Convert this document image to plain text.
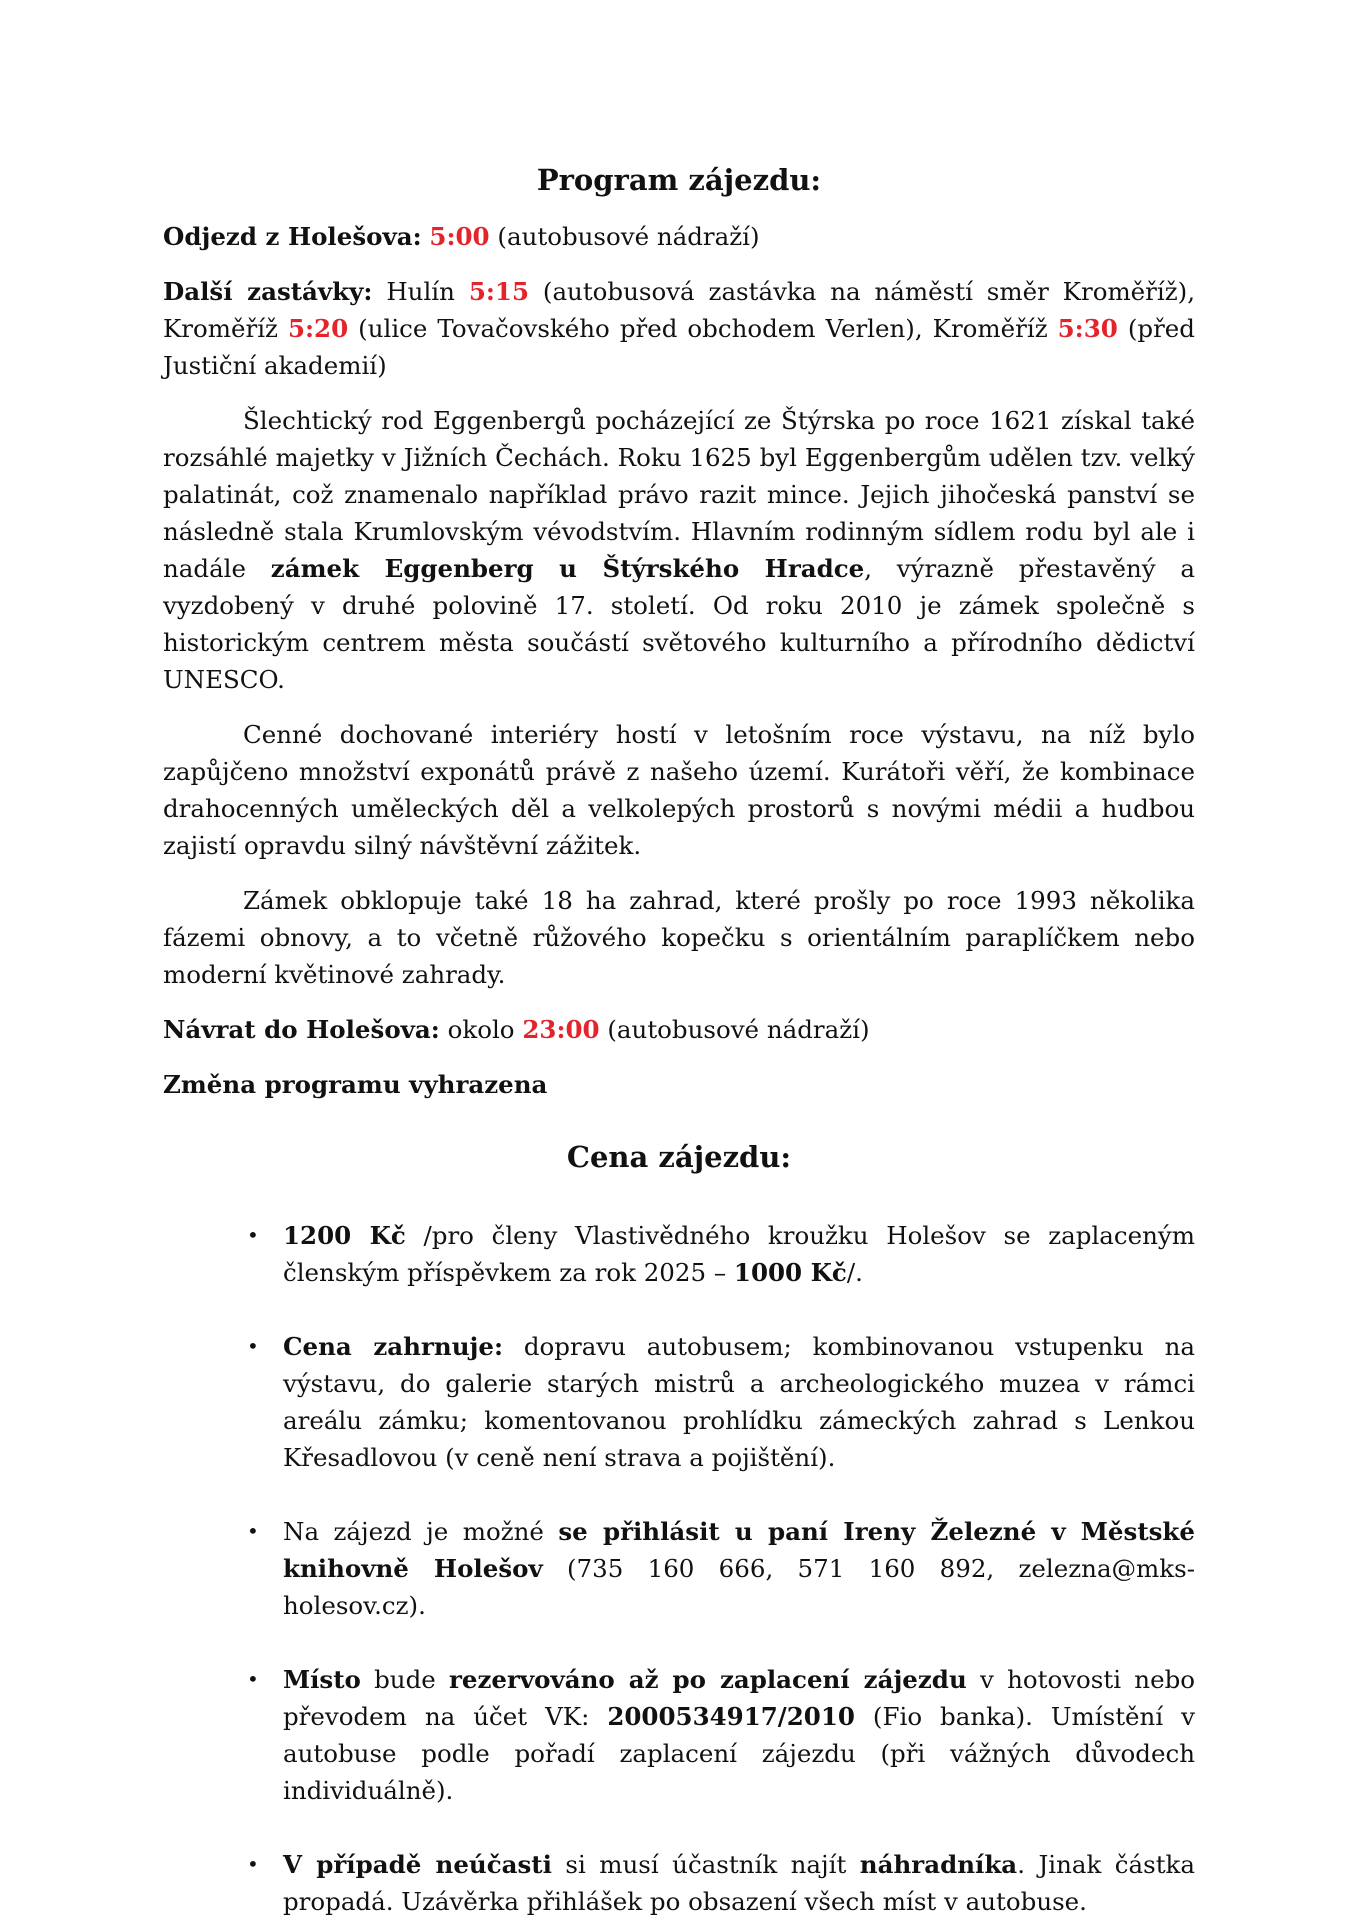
Program zájezdu:

Odjezd z Holešova: 5:00 (autobusové nádraží)

Další zastávky: Hulín 5:15 (autobusová zastávka na náměstí směr Kroměříž), Kroměříž 5:20 (ulice Tovačovského před obchodem Verlen), Kroměříž 5:30 (před Justiční akademií)

Šlechtický rod Eggenbergů pocházející ze Štýrska po roce 1621 získal také rozsáhlé majetky v Jižních Čechách. Roku 1625 byl Eggenbergům udělen tzv. velký palatinát, což znamenalo například právo razit mince. Jejich jihočeská panství se následně stala Krumlovským vévodstvím. Hlavním rodinným sídlem rodu byl ale i nadále zámek Eggenberg u Štýrského Hradce, výrazně přestavěný a vyzdobený v druhé polovině 17. století. Od roku 2010 je zámek společně s historickým centrem města součástí světového kulturního a přírodního dědictví UNESCO.

Cenné dochované interiéry hostí v letošním roce výstavu, na níž bylo zapůjčeno množství exponátů právě z našeho území. Kurátoři věří, že kombinace drahocenných uměleckých děl a velkolepých prostorů s novými médii a hudbou zajistí opravdu silný návštěvní zážitek.

Zámek obklopuje také 18 ha zahrad, které prošly po roce 1993 několika fázemi obnovy, a to včetně růžového kopečku s orientálním paraplíčkem nebo moderní květinové zahrady.

Návrat do Holešova: okolo 23:00 (autobusové nádraží)

Změna programu vyhrazena

Cena zájezdu:
• 1200 Kč /pro členy Vlastivědného kroužku Holešov se zaplaceným členským příspěvkem za rok 2025 – 1000 Kč/.
• Cena zahrnuje: dopravu autobusem; kombinovanou vstupenku na výstavu, do galerie starých mistrů a archeologického muzea v rámci areálu zámku; komentovanou prohlídku zámeckých zahrad s Lenkou Křesadlovou (v ceně není strava a pojištění).
• Na zájezd je možné se přihlásit u paní Ireny Železné v Městské knihovně Holešov (735 160 666, 571 160 892, zelezna@mks-holesov.cz).
• Místo bude rezervováno až po zaplacení zájezdu v hotovosti nebo převodem na účet VK: 2000534917/2010 (Fio banka). Umístění v autobuse podle pořadí zaplacení zájezdu (při vážných důvodech individuálně).
• V případě neúčasti si musí účastník najít náhradníka. Jinak částka propadá. Uzávěrka přihlášek po obsazení všech míst v autobuse.
